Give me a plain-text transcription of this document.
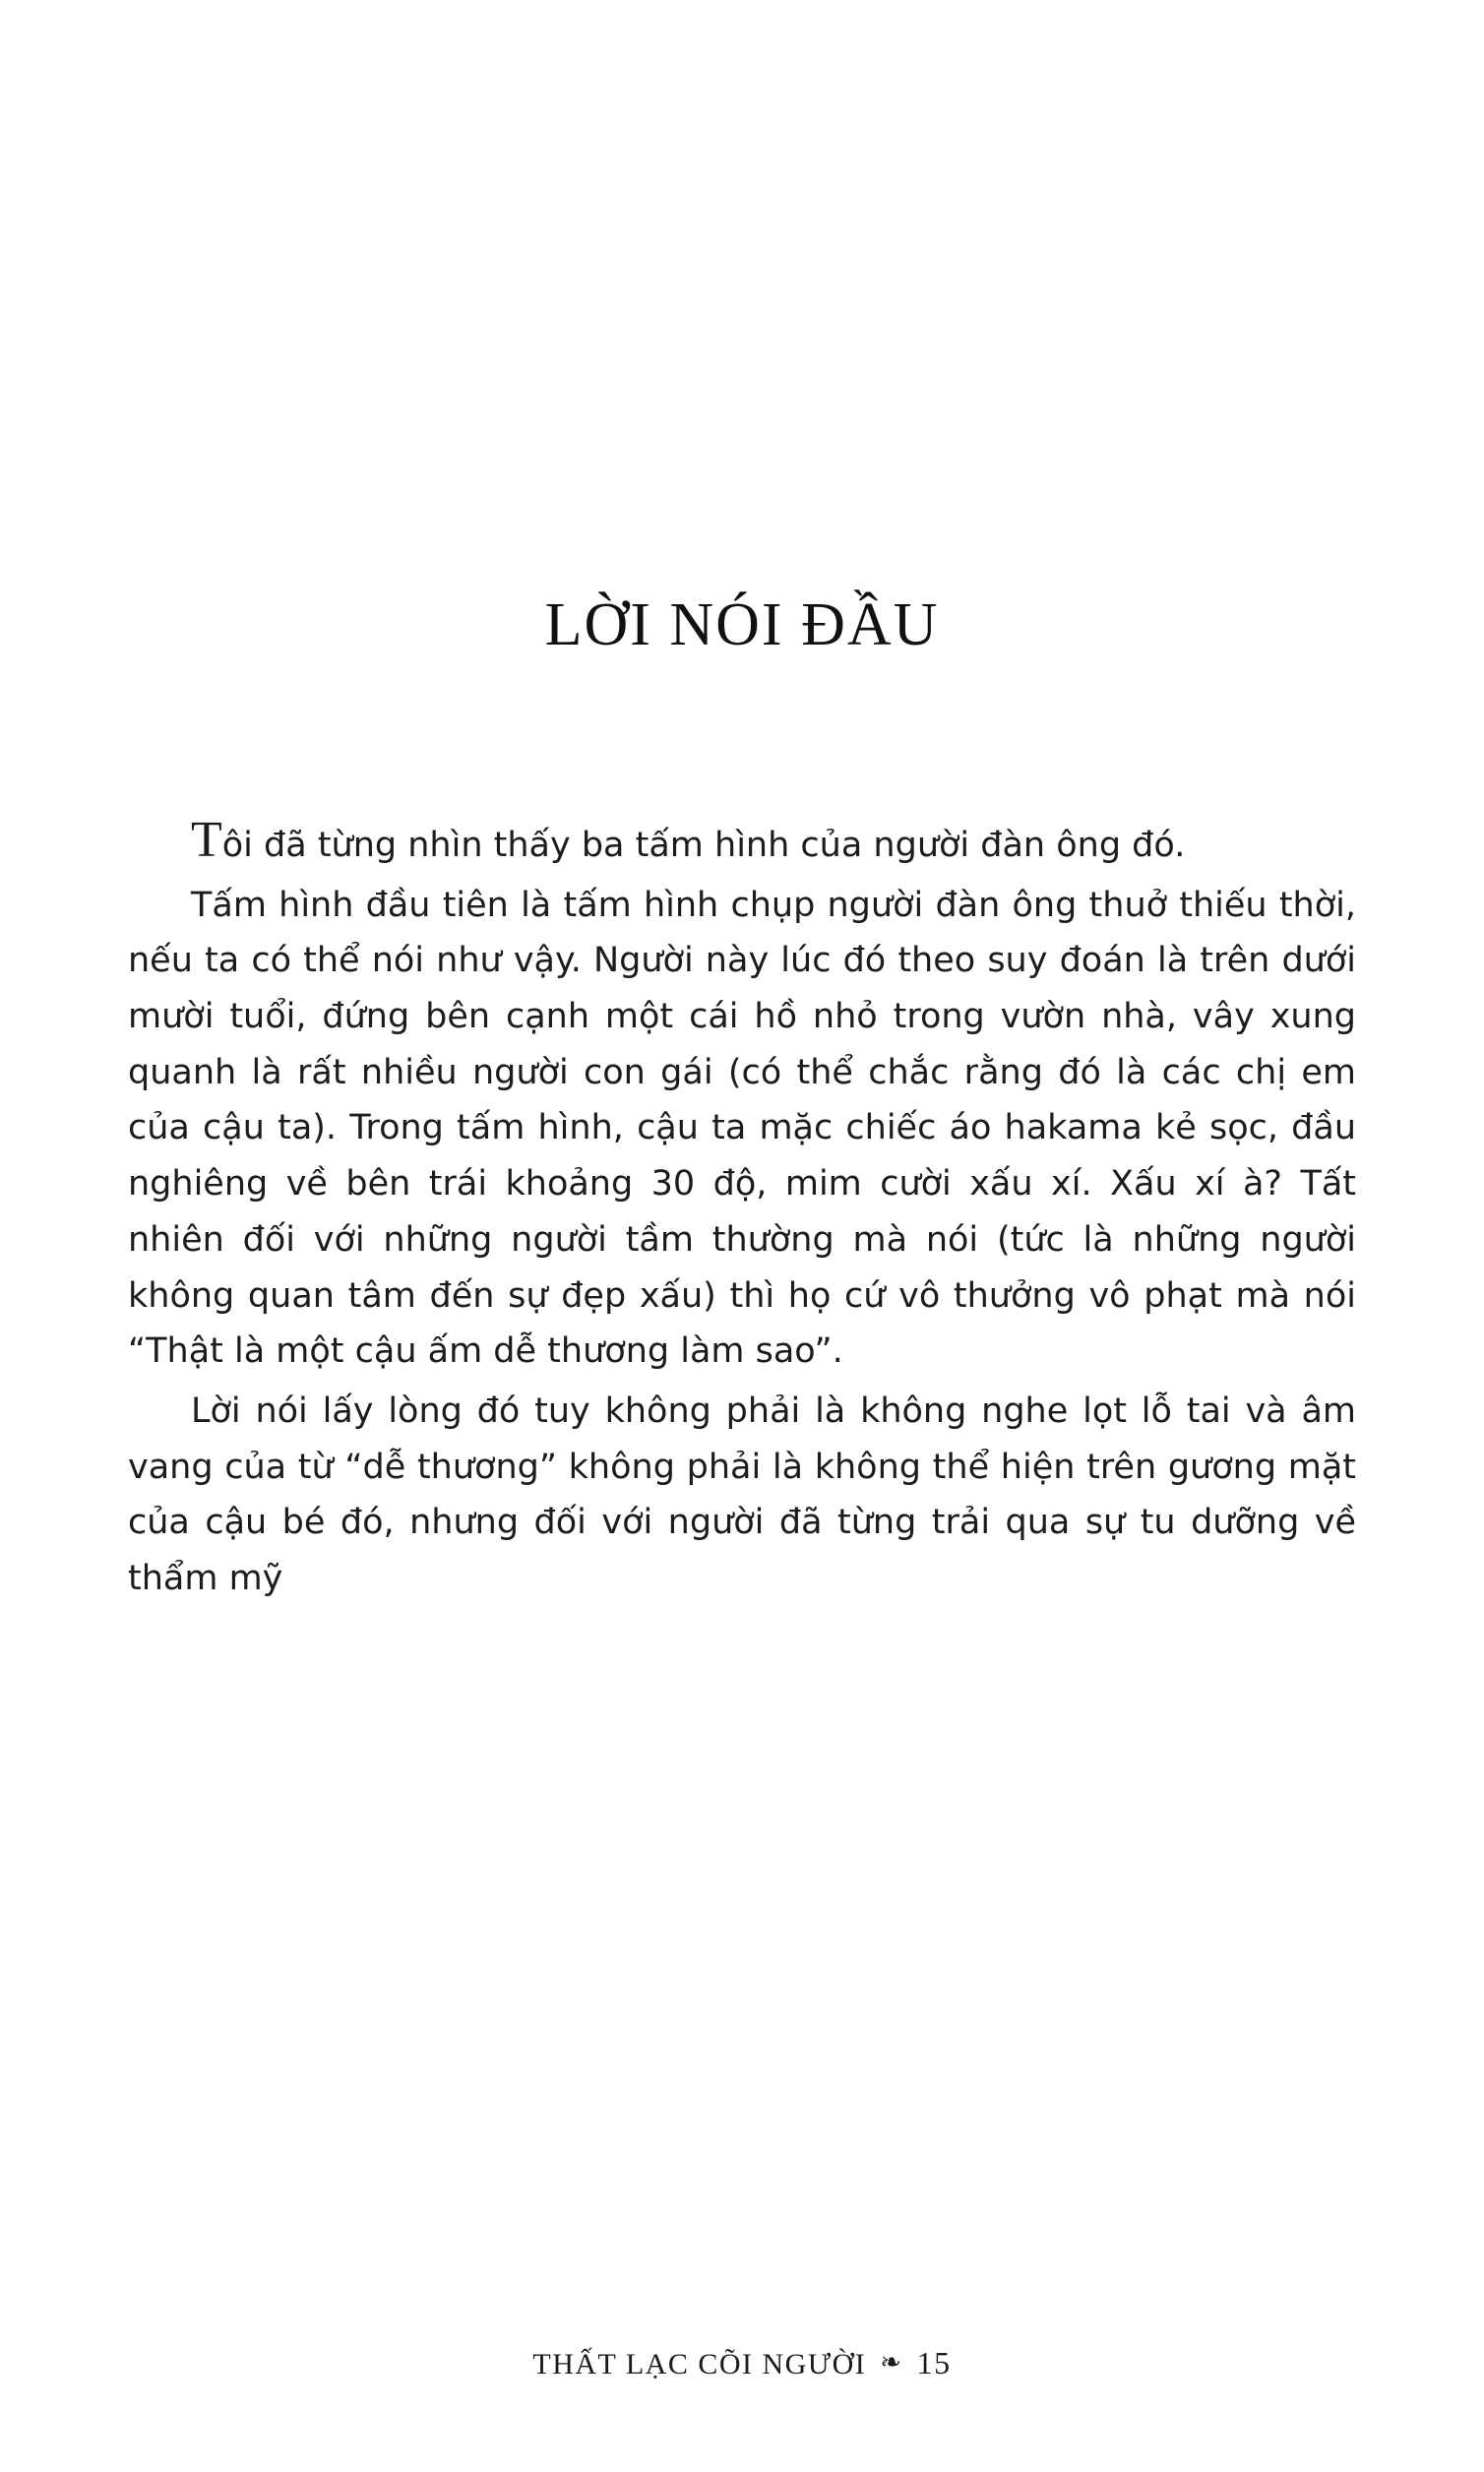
LỜI NÓI ĐẦU

Tôi đã từng nhìn thấy ba tấm hình của người đàn ông đó.

Tấm hình đầu tiên là tấm hình chụp người đàn ông thuở thiếu thời, nếu ta có thể nói như vậy. Người này lúc đó theo suy đoán là trên dưới mười tuổi, đứng bên cạnh một cái hồ nhỏ trong vườn nhà, vây xung quanh là rất nhiều người con gái (có thể chắc rằng đó là các chị em của cậu ta). Trong tấm hình, cậu ta mặc chiếc áo hakama kẻ sọc, đầu nghiêng về bên trái khoảng 30 độ, mim cười xấu xí. Xấu xí à? Tất nhiên đối với những người tầm thường mà nói (tức là những người không quan tâm đến sự đẹp xấu) thì họ cứ vô thưởng vô phạt mà nói “Thật là một cậu ấm dễ thương làm sao”.

Lời nói lấy lòng đó tuy không phải là không nghe lọt lỗ tai và âm vang của từ “dễ thương” không phải là không thể hiện trên gương mặt của cậu bé đó, nhưng đối với người đã từng trải qua sự tu dưỡng về thẩm mỹ

THẤT LẠC CÕI NGƯỜI ❧ 15
